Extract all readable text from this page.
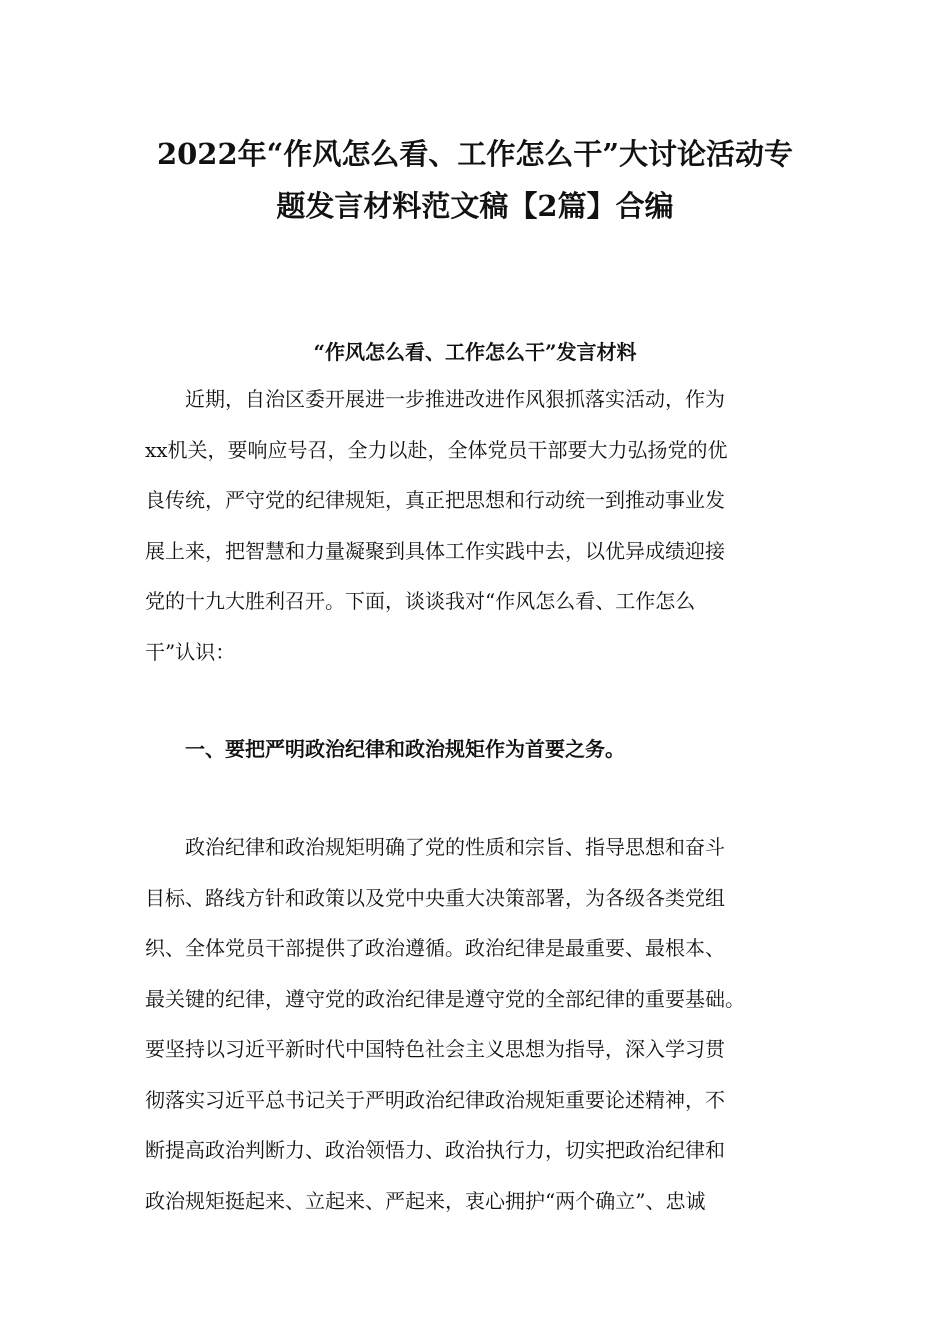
2022年“作风怎么看、工作怎么干”大讨论活动专
题发言材料范文稿【2篇】合编
“作风怎么看、工作怎么干”发言材料
近期，自治区委开展进一步推进改进作风狠抓落实活动，作为
xx机关，要响应号召，全力以赴，全体党员干部要大力弘扬党的优
良传统，严守党的纪律规矩，真正把思想和行动统一到推动事业发
展上来，把智慧和力量凝聚到具体工作实践中去，以优异成绩迎接
党的十九大胜利召开。下面，谈谈我对“作风怎么看、工作怎么
干”认识：
一、要把严明政治纪律和政治规矩作为首要之务。
政治纪律和政治规矩明确了党的性质和宗旨、指导思想和奋斗
目标、路线方针和政策以及党中央重大决策部署，为各级各类党组
织、全体党员干部提供了政治遵循。政治纪律是最重要、最根本、
最关键的纪律，遵守党的政治纪律是遵守党的全部纪律的重要基础。
要坚持以习近平新时代中国特色社会主义思想为指导，深入学习贯
彻落实习近平总书记关于严明政治纪律政治规矩重要论述精神，不
断提高政治判断力、政治领悟力、政治执行力，切实把政治纪律和
政治规矩挺起来、立起来、严起来，衷心拥护“两个确立”、忠诚
